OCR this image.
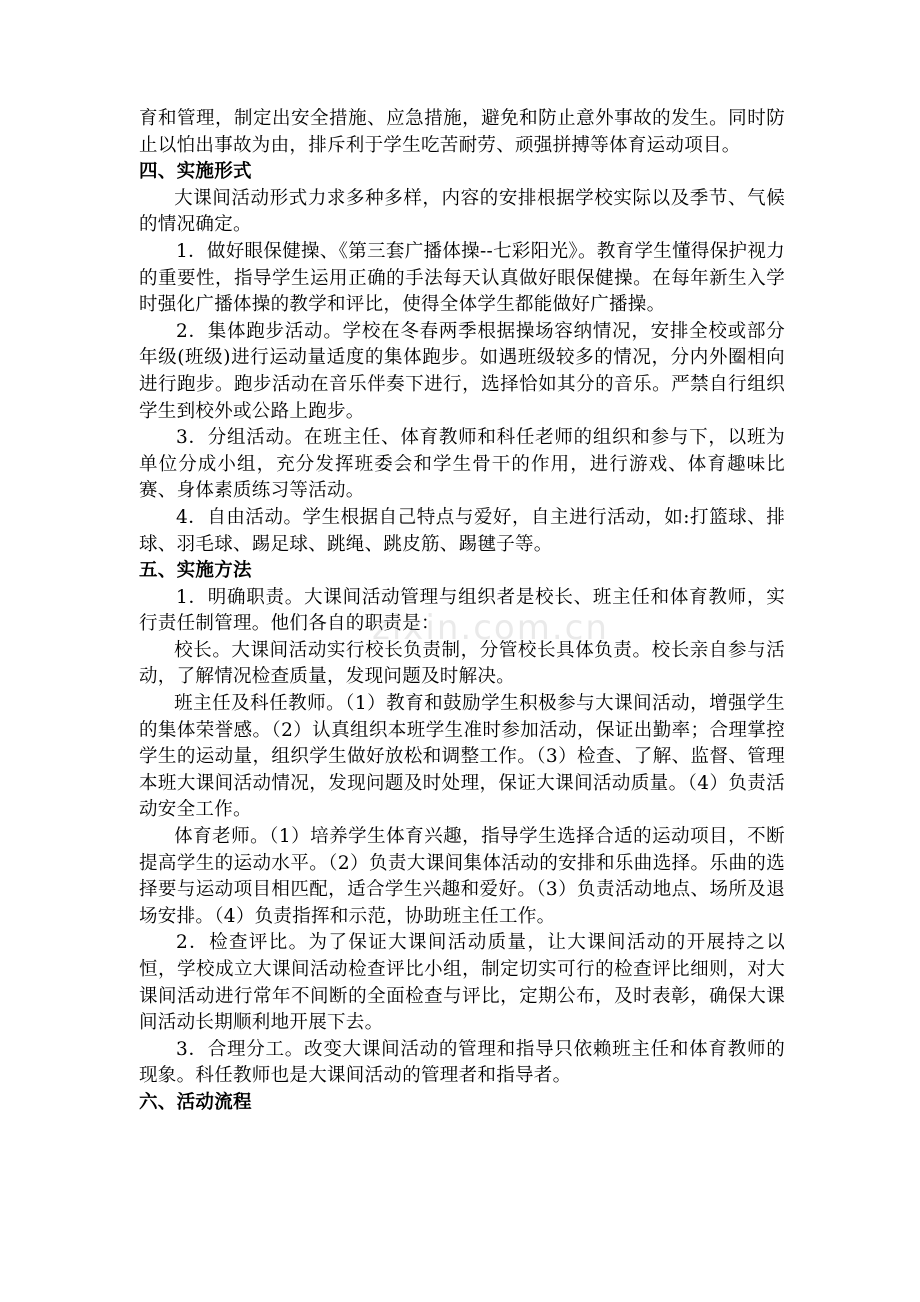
育和管理，制定出安全措施、应急措施，避免和防止意外事故的发生。同时防止以怕出事故为由，排斥利于学生吃苦耐劳、顽强拼搏等体育运动项目。

四、实施形式

大课间活动形式力求多种多样，内容的安排根据学校实际以及季节、气候的情况确定。

1．做好眼保健操、《第三套广播体操--七彩阳光》。教育学生懂得保护视力的重要性，指导学生运用正确的手法每天认真做好眼保健操。在每年新生入学时强化广播体操的教学和评比，使得全体学生都能做好广播操。

2．集体跑步活动。学校在冬春两季根据操场容纳情况，安排全校或部分年级(班级)进行运动量适度的集体跑步。如遇班级较多的情况，分内外圈相向进行跑步。跑步活动在音乐伴奏下进行，选择恰如其分的音乐。严禁自行组织学生到校外或公路上跑步。

3．分组活动。在班主任、体育教师和科任老师的组织和参与下，以班为单位分成小组，充分发挥班委会和学生骨干的作用，进行游戏、体育趣味比赛、身体素质练习等活动。

4．自由活动。学生根据自己特点与爱好，自主进行活动，如:打篮球、排球、羽毛球、踢足球、跳绳、跳皮筋、踢毽子等。

五、实施方法

1．明确职责。大课间活动管理与组织者是校长、班主任和体育教师，实行责任制管理。他们各自的职责是：

校长。大课间活动实行校长负责制，分管校长具体负责。校长亲自参与活动，了解情况检查质量，发现问题及时解决。

班主任及科任教师。（1）教育和鼓励学生积极参与大课间活动，增强学生的集体荣誉感。（2）认真组织本班学生准时参加活动，保证出勤率；合理掌控学生的运动量，组织学生做好放松和调整工作。（3）检查、了解、监督、管理本班大课间活动情况，发现问题及时处理，保证大课间活动质量。（4）负责活动安全工作。

体育老师。（1）培养学生体育兴趣，指导学生选择合适的运动项目，不断提高学生的运动水平。（2）负责大课间集体活动的安排和乐曲选择。乐曲的选择要与运动项目相匹配，适合学生兴趣和爱好。（3）负责活动地点、场所及退场安排。（4）负责指挥和示范，协助班主任工作。

2．检查评比。为了保证大课间活动质量，让大课间活动的开展持之以恒，学校成立大课间活动检查评比小组，制定切实可行的检查评比细则，对大课间活动进行常年不间断的全面检查与评比，定期公布，及时表彰，确保大课间活动长期顺利地开展下去。

3．合理分工。改变大课间活动的管理和指导只依赖班主任和体育教师的现象。科任教师也是大课间活动的管理者和指导者。

六、活动流程

zixin.com.cn
